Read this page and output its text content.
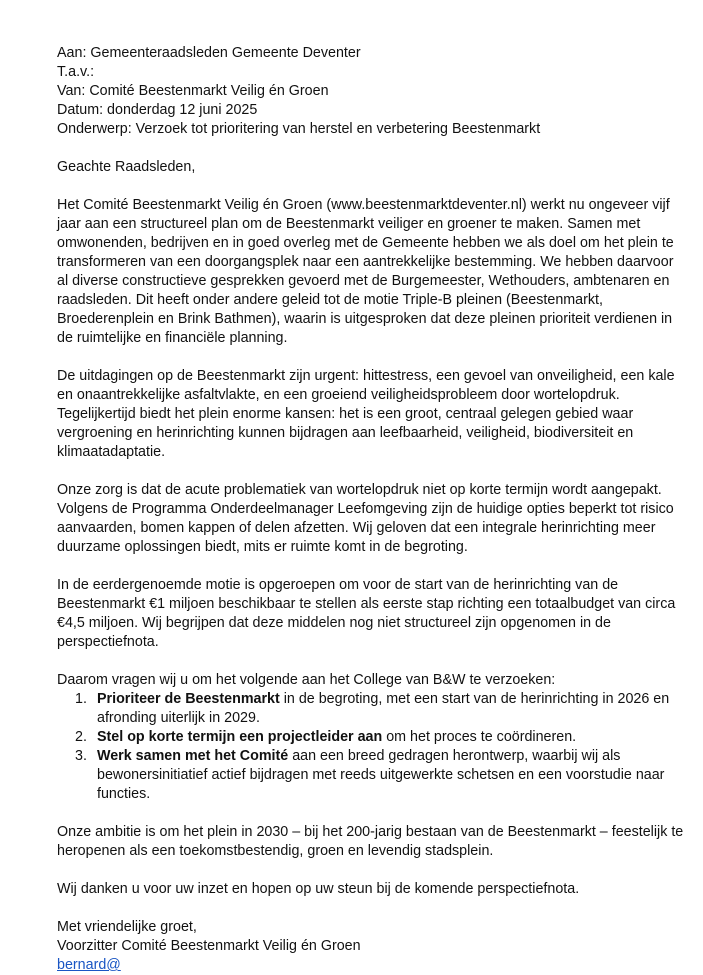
Aan: Gemeenteraadsleden Gemeente Deventer
T.a.v.:
Van: Comité Beestenmarkt Veilig én Groen
Datum: donderdag 12 juni 2025
Onderwerp: Verzoek tot prioritering van herstel en verbetering Beestenmarkt

Geachte Raadsleden,

Het Comité Beestenmarkt Veilig én Groen (www.beestenmarktdeventer.nl) werkt nu ongeveer vijf jaar aan een structureel plan om de Beestenmarkt veiliger en groener te maken. Samen met omwonenden, bedrijven en in goed overleg met de Gemeente hebben we als doel om het plein te transformeren van een doorgangsplek naar een aantrekkelijke bestemming. We hebben daarvoor al diverse constructieve gesprekken gevoerd met de Burgemeester, Wethouders, ambtenaren en raadsleden. Dit heeft onder andere geleid tot de motie Triple-B pleinen (Beestenmarkt, Broederenplein en Brink Bathmen), waarin is uitgesproken dat deze pleinen prioriteit verdienen in de ruimtelijke en financiële planning.

De uitdagingen op de Beestenmarkt zijn urgent: hittestress, een gevoel van onveiligheid, een kale en onaantrekkelijke asfaltvlakte, en een groeiend veiligheidsprobleem door wortelopdruk. Tegelijkertijd biedt het plein enorme kansen: het is een groot, centraal gelegen gebied waar vergroening en herinrichting kunnen bijdragen aan leefbaarheid, veiligheid, biodiversiteit en klimaatadaptatie.

Onze zorg is dat de acute problematiek van wortelopdruk niet op korte termijn wordt aangepakt. Volgens de Programma Onderdeelmanager Leefomgeving zijn de huidige opties beperkt tot risico aanvaarden, bomen kappen of delen afzetten. Wij geloven dat een integrale herinrichting meer duurzame oplossingen biedt, mits er ruimte komt in de begroting.

In de eerdergenoemde motie is opgeroepen om voor de start van de herinrichting van de Beestenmarkt €1 miljoen beschikbaar te stellen als eerste stap richting een totaalbudget van circa €4,5 miljoen. Wij begrijpen dat deze middelen nog niet structureel zijn opgenomen in de perspectiefnota.

Daarom vragen wij u om het volgende aan het College van B&W te verzoeken:

1. Prioriteer de Beestenmarkt in de begroting, met een start van de herinrichting in 2026 en afronding uiterlijk in 2029.
2. Stel op korte termijn een projectleider aan om het proces te coördineren.
3. Werk samen met het Comité aan een breed gedragen herontwerp, waarbij wij als bewonersinitiatief actief bijdragen met reeds uitgewerkte schetsen en een voorstudie naar functies.

Onze ambitie is om het plein in 2030 – bij het 200-jarig bestaan van de Beestenmarkt – feestelijk te heropenen als een toekomstbestendig, groen en levendig stadsplein.

Wij danken u voor uw inzet en hopen op uw steun bij de komende perspectiefnota.

Met vriendelijke groet,

Voorzitter Comité Beestenmarkt Veilig én Groen

bernard@
